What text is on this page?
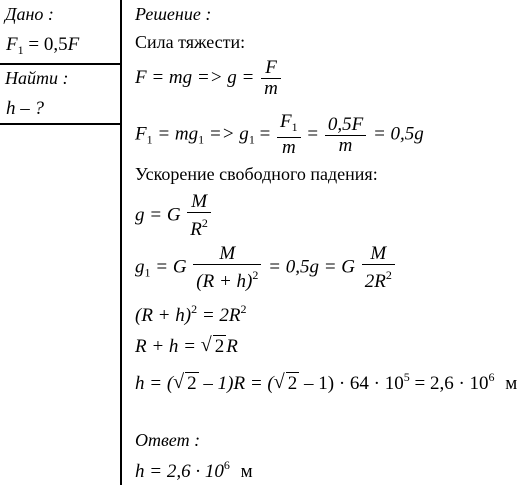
Дано :
$F_1 = 0,5F$
Найти :
h – ?
Решение :
Сила тяжести:
F = mg => $g = \frac{F}{m}$
$F_1 = mg_1 => g_1 = \frac{F_1}{m} = \frac{0,5F}{m} = 0,5g$
Ускорение свободного падения:
g = G $\frac{M}{R^2}$
$g_1 = G \frac{M}{(R + h)^2} = 0,5g = G \frac{M}{2R^2}$
$(R + h)^2 = 2R^2$
R + h = √ 2 R
h = ( √ 2 – 1)R = ( √ $2 - 1) \cdot 64 \cdot 10^5 = 2,6 \cdot 10^6$ м
Ответ :
$h = 2,6 \cdot 10^6$ м
